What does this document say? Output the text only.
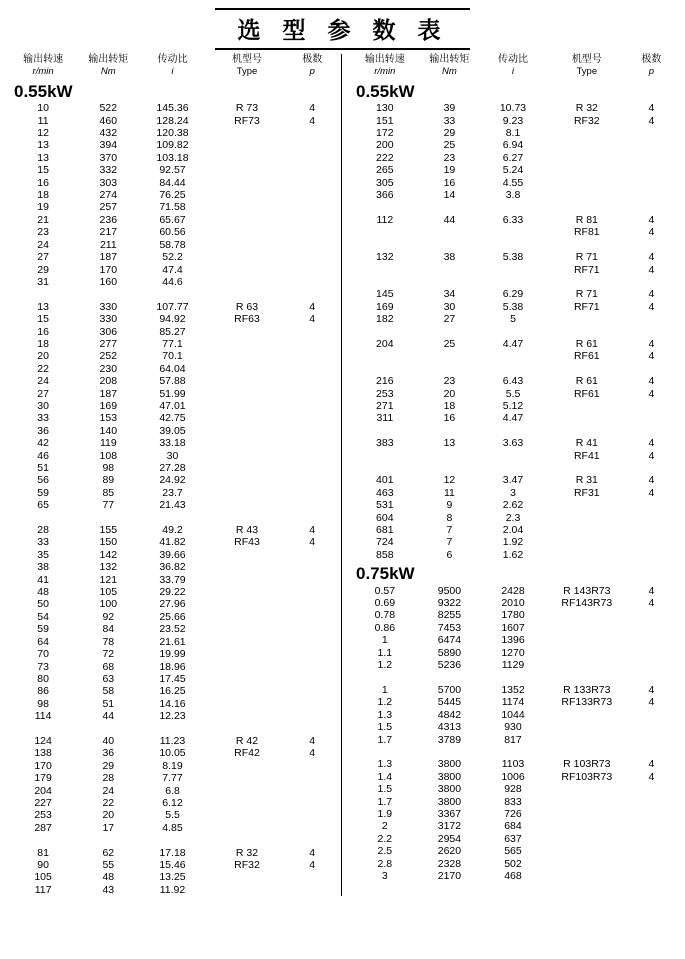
选 型 参 数 表
输出转速	输出转矩	传动比	机型号	极数
r/min	Nm	i	Type	p
0.55kW				
10	522	145.36	R 73	4
11	460	128.24	RF73	4
12	432	120.38		
13	394	109.82		
13	370	103.18		
15	332	92.57		
16	303	84.44		
18	274	76.25		
19	257	71.58		
21	236	65.67		
23	217	60.56		
24	211	58.78		
27	187	52.2		
29	170	47.4		
31	160	44.6		

13	330	107.77	R 63	4
15	330	94.92	RF63	4
16	306	85.27		
18	277	77.1		
20	252	70.1		
22	230	64.04		
24	208	57.88		
27	187	51.99		
30	169	47.01		
33	153	42.75		
36	140	39.05		
42	119	33.18		
46	108	30		
51	98	27.28		
56	89	24.92		
59	85	23.7		
65	77	21.43		

28	155	49.2	R 43	4
33	150	41.82	RF43	4
35	142	39.66		
38	132	36.82		
41	121	33.79		
48	105	29.22		
50	100	27.96		
54	92	25.66		
59	84	23.52		
64	78	21.61		
70	72	19.99		
73	68	18.96		
80	63	17.45		
86	58	16.25		
98	51	14.16		
114	44	12.23		

124	40	11.23	R 42	4
138	36	10.05	RF42	4
170	29	8.19		
179	28	7.77		
204	24	6.8		
227	22	6.12		
253	20	5.5		
287	17	4.85		

81	62	17.18	R 32	4
90	55	15.46	RF32	4
105	48	13.25		
117	43	11.92		
输出转速	输出转矩	传动比	机型号	极数
r/min	Nm	i	Type	p
0.55kW				
130	39	10.73	R 32	4
151	33	9.23	RF32	4
172	29	8.1		
200	25	6.94		
222	23	6.27		
265	19	5.24		
305	16	4.55		
366	14	3.8		

112	44	6.33	R 81	4
			RF81	4

132	38	5.38	R 71	4
			RF71	4

145	34	6.29	R 71	4
169	30	5.38	RF71	4
182	27	5		

204	25	4.47	R 61	4
			RF61	4

216	23	6.43	R 61	4
253	20	5.5	RF61	4
271	18	5.12		
311	16	4.47		

383	13	3.63	R 41	4
			RF41	4

401	12	3.47	R 31	4
463	11	3	RF31	4
531	9	2.62		
604	8	2.3		
681	7	2.04		
724	7	1.92		
858	6	1.62		
0.75kW				
0.57	9500	2428	R 143R73	4
0.69	9322	2010	RF143R73	4
0.78	8255	1780		
0.86	7453	1607		
1	6474	1396		
1.1	5890	1270		
1.2	5236	1129		

1	5700	1352	R 133R73	4
1.2	5445	1174	RF133R73	4
1.3	4842	1044		
1.5	4313	930		
1.7	3789	817		

1.3	3800	1103	R 103R73	4
1.4	3800	1006	RF103R73	4
1.5	3800	928		
1.7	3800	833		
1.9	3367	726		
2	3172	684		
2.2	2954	637		
2.5	2620	565		
2.8	2328	502		
3	2170	468		
